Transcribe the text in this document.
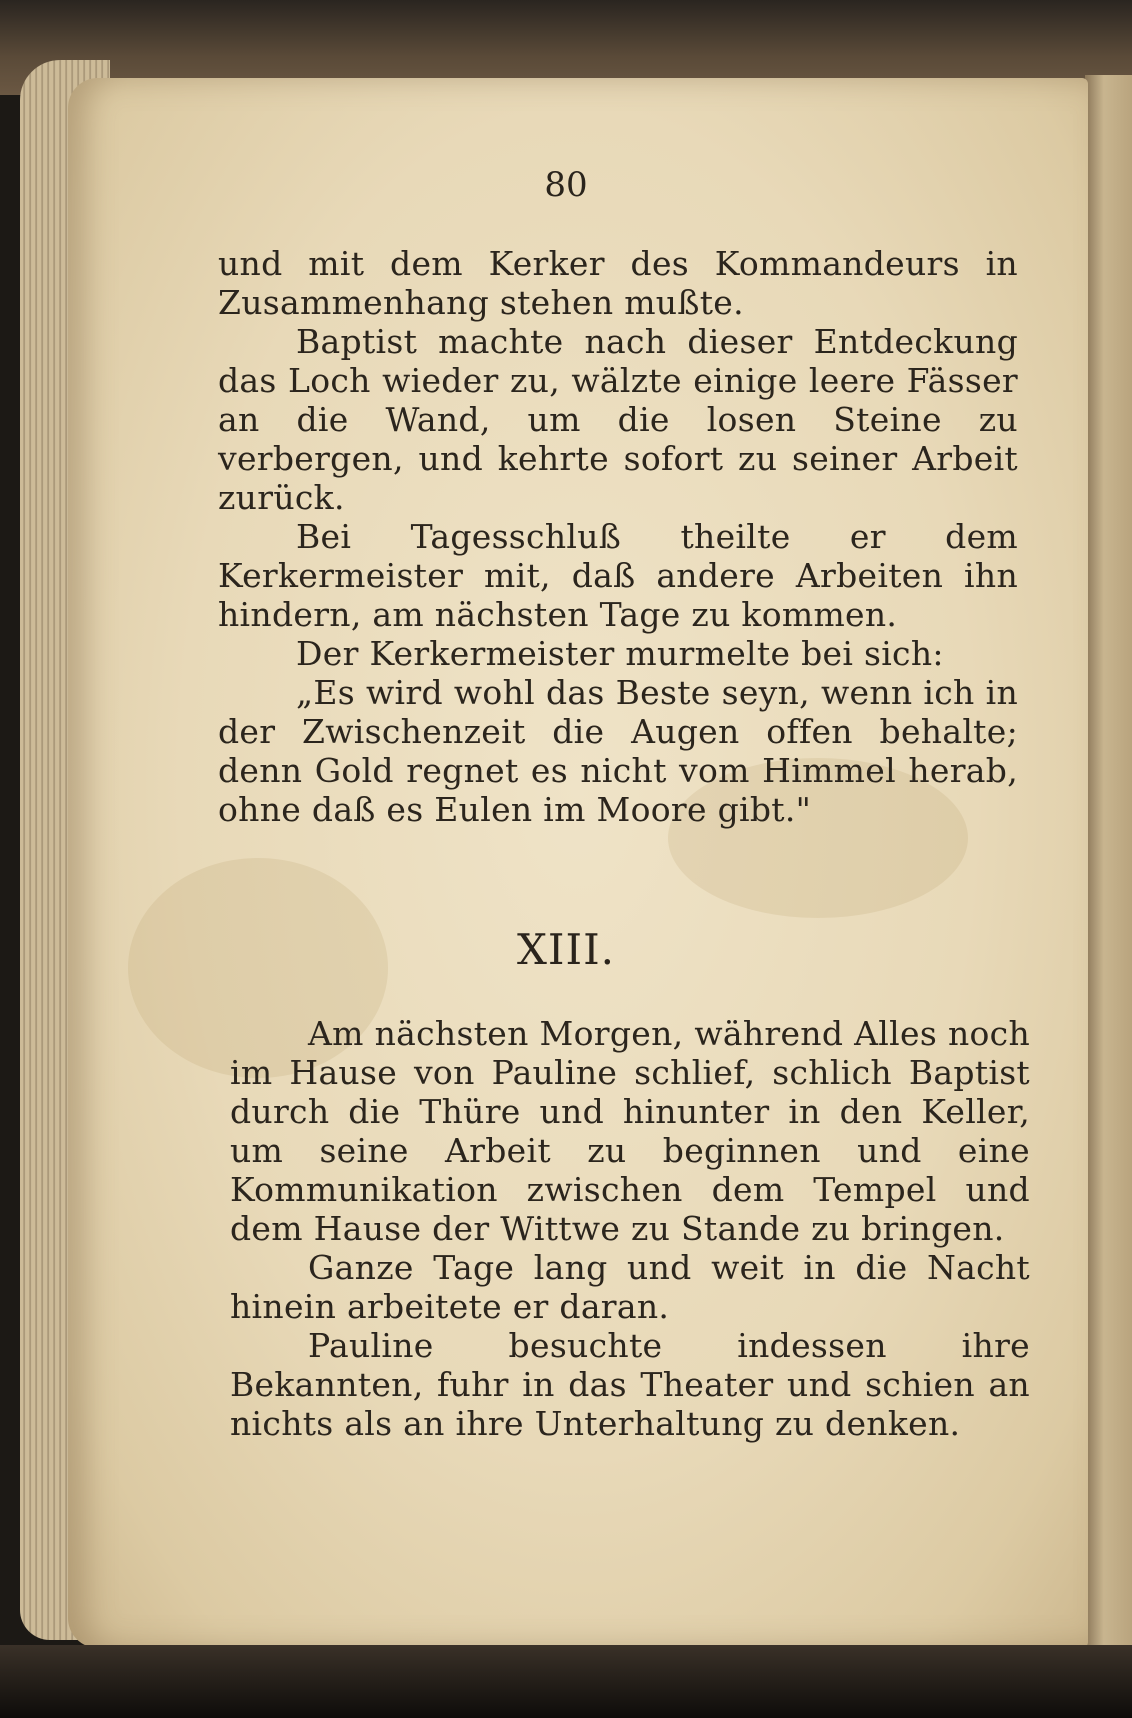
80

und mit dem Kerker des Kommandeurs in Zusammenhang stehen mußte.

Baptist machte nach dieser Entdeckung das Loch wieder zu, wälzte einige leere Fässer an die Wand, um die losen Steine zu verbergen, und kehrte sofort zu seiner Arbeit zurück.

Bei Tagesschluß theilte er dem Kerkermeister mit, daß andere Arbeiten ihn hindern, am nächsten Tage zu kommen.

Der Kerkermeister murmelte bei sich:

„Es wird wohl das Beste seyn, wenn ich in der Zwischenzeit die Augen offen behalte; denn Gold regnet es nicht vom Himmel herab, ohne daß es Eulen im Moore gibt."

XIII.

Am nächsten Morgen, während Alles noch im Hause von Pauline schlief, schlich Baptist durch die Thüre und hinunter in den Keller, um seine Arbeit zu beginnen und eine Kommunikation zwischen dem Tempel und dem Hause der Wittwe zu Stande zu bringen.

Ganze Tage lang und weit in die Nacht hinein arbeitete er daran.

Pauline besuchte indessen ihre Bekannten, fuhr in das Theater und schien an nichts als an ihre Unterhaltung zu denken.
